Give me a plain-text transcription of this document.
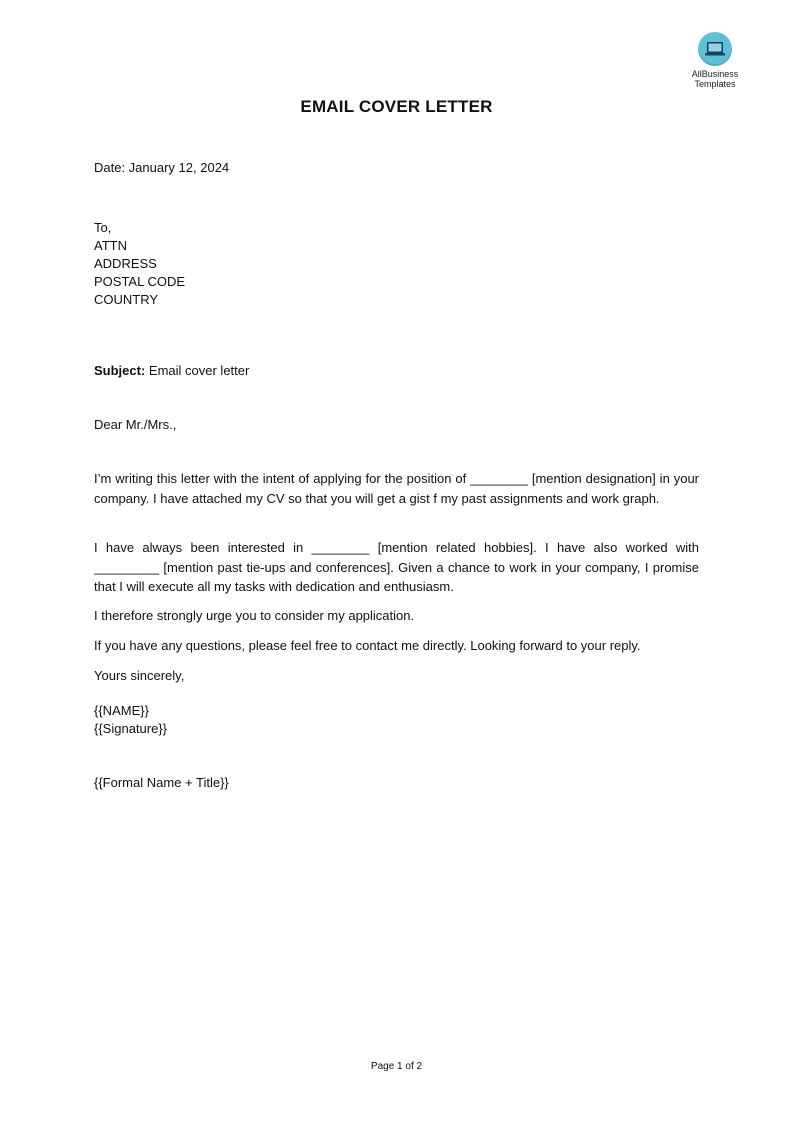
AllBusiness
Templates
EMAIL COVER LETTER
Date: January 12, 2024
To,
ATTN
ADDRESS
POSTAL CODE
COUNTRY
Subject: Email cover letter
Dear Mr./Mrs.,

I’m writing this letter with the intent of applying for the position of ________ [mention designation] in your company. I have attached my CV so that you will get a gist f my past assignments and work graph.

I have always been interested in ________ [mention related hobbies]. I have also worked with _________ [mention past tie-ups and conferences]. Given a chance to work in your company, I promise that I will execute all my tasks with dedication and enthusiasm.

I therefore strongly urge you to consider my application.
If you have any questions, please feel free to contact me directly. Looking forward to your reply.
Yours sincerely,
{{NAME}}
{{Signature}}
{{Formal Name + Title}}
Page 1 of 2
